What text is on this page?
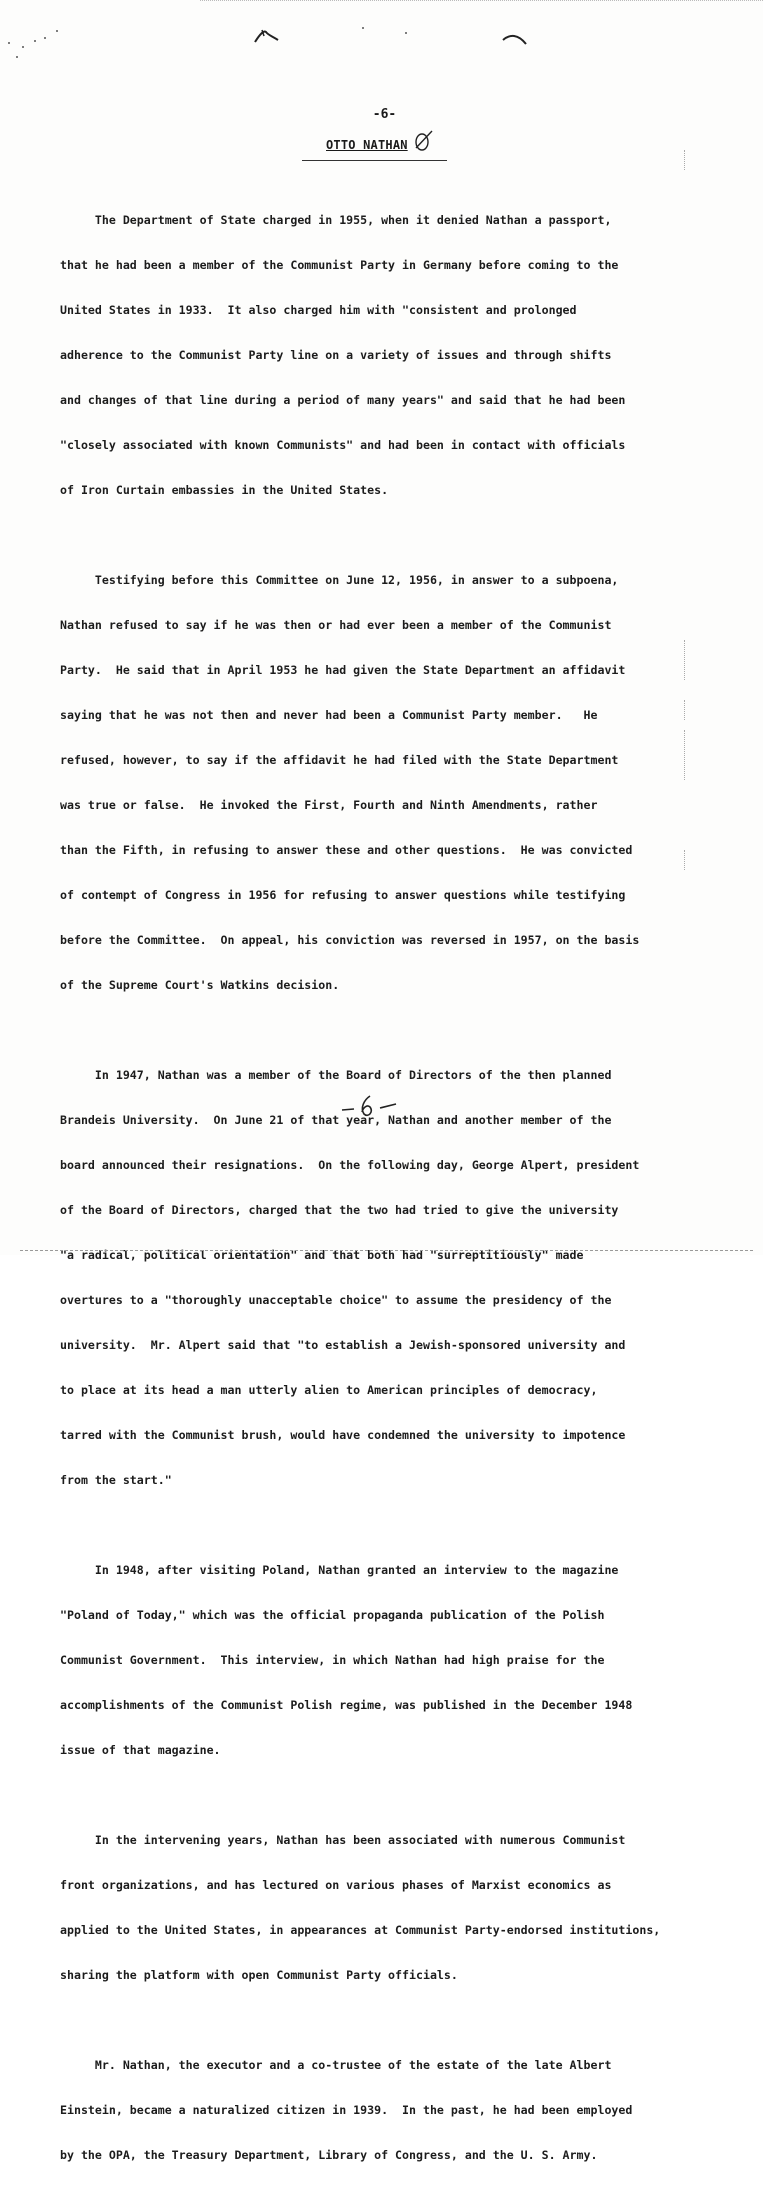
-6-
OTTO NATHAN

The Department of State charged in 1955, when it denied Nathan a passport,

that he had been a member of the Communist Party in Germany before coming to the

United States in 1933.  It also charged him with "consistent and prolonged

adherence to the Communist Party line on a variety of issues and through shifts

and changes of that line during a period of many years" and said that he had been

"closely associated with known Communists" and had been in contact with officials

of Iron Curtain embassies in the United States.

Testifying before this Committee on June 12, 1956, in answer to a subpoena,

Nathan refused to say if he was then or had ever been a member of the Communist

Party.  He said that in April 1953 he had given the State Department an affidavit

saying that he was not then and never had been a Communist Party member.   He

refused, however, to say if the affidavit he had filed with the State Department

was true or false.  He invoked the First, Fourth and Ninth Amendments, rather

than the Fifth, in refusing to answer these and other questions.  He was convicted

of contempt of Congress in 1956 for refusing to answer questions while testifying

before the Committee.  On appeal, his conviction was reversed in 1957, on the basis

of the Supreme Court's Watkins decision.

In 1947, Nathan was a member of the Board of Directors of the then planned

Brandeis University.  On June 21 of that year, Nathan and another member of the

board announced their resignations.  On the following day, George Alpert, president

of the Board of Directors, charged that the two had tried to give the university

"a radical, political orientation" and that both had "surreptitiously" made

overtures to a "thoroughly unacceptable choice" to assume the presidency of the

university.  Mr. Alpert said that "to establish a Jewish-sponsored university and

to place at its head a man utterly alien to American principles of democracy,

tarred with the Communist brush, would have condemned the university to impotence

from the start."

In 1948, after visiting Poland, Nathan granted an interview to the magazine

"Poland of Today," which was the official propaganda publication of the Polish

Communist Government.  This interview, in which Nathan had high praise for the

accomplishments of the Communist Polish regime, was published in the December 1948

issue of that magazine.

In the intervening years, Nathan has been associated with numerous Communist

front organizations, and has lectured on various phases of Marxist economics as

applied to the United States, in appearances at Communist Party-endorsed institutions,

sharing the platform with open Communist Party officials.

Mr. Nathan, the executor and a co-trustee of the estate of the late Albert

Einstein, became a naturalized citizen in 1939.  In the past, he had been employed

by the OPA, the Treasury Department, Library of Congress, and the U. S. Army.
